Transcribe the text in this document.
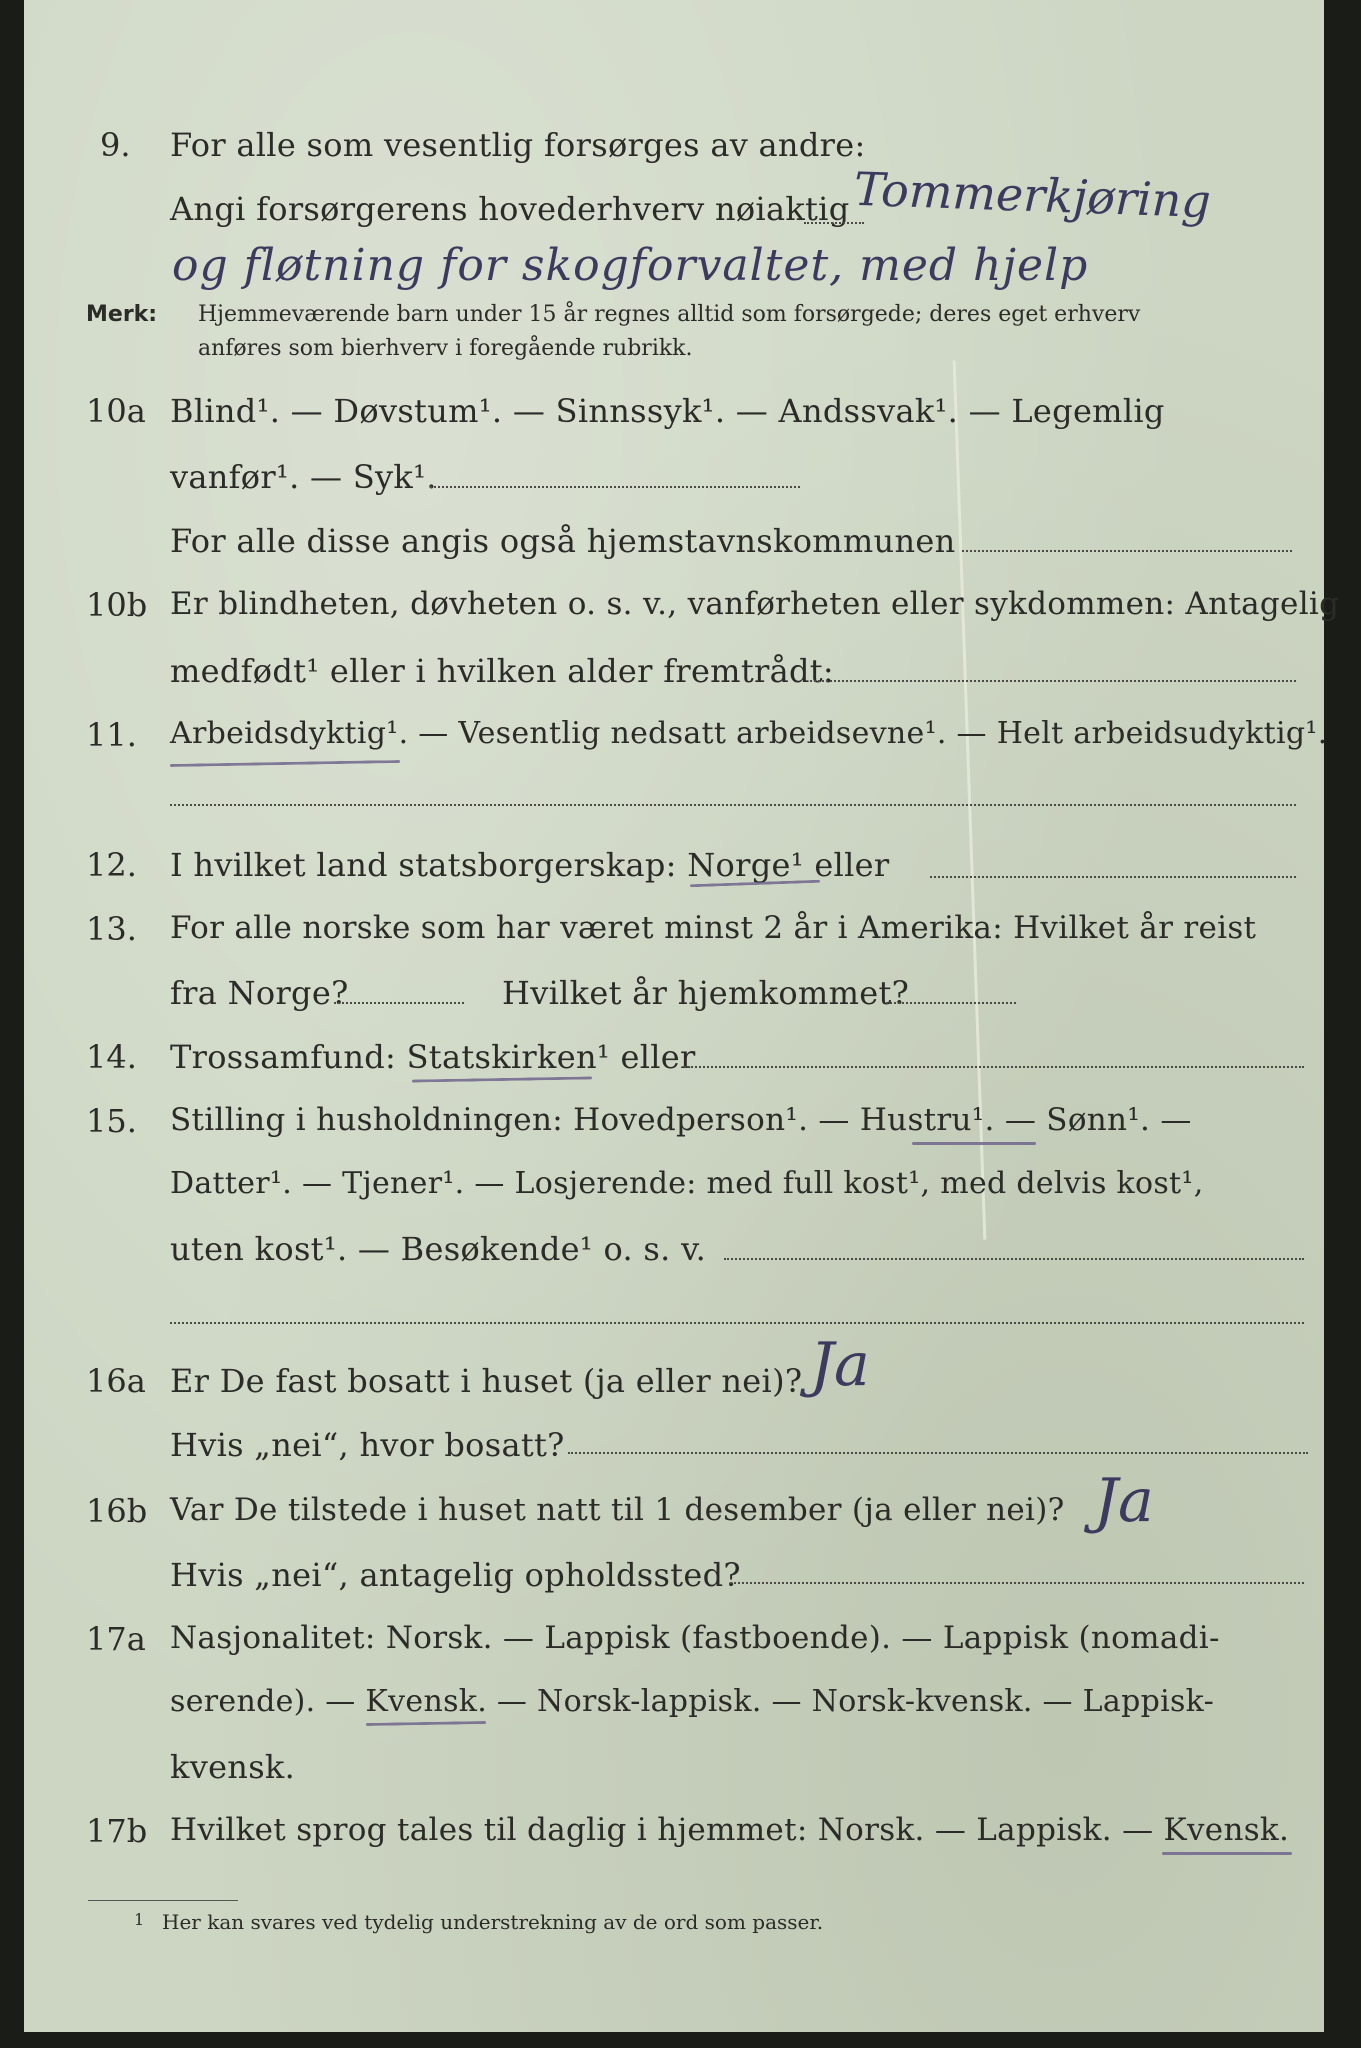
9. For alle som vesentlig forsørges av andre:
Angi forsørgerens hovederhverv nøiaktig Tommerkjøring
og fløtning for skogforvaltet, med hjelp
Merk: Hjemmeværende barn under 15 år regnes alltid som forsørgede; deres eget erhverv
anføres som bierhverv i foregående rubrikk.
10a Blind¹. — Døvstum¹. — Sinnssyk¹. — Andssvak¹. — Legemlig
vanfør¹. — Syk¹.
For alle disse angis også hjemstavnskommunen
10b Er blindheten, døvheten o. s. v., vanførheten eller sykdommen: Antagelig
medfødt¹ eller i hvilken alder fremtrådt:
11. Arbeidsdyktig¹. — Vesentlig nedsatt arbeidsevne¹. — Helt arbeidsudyktig¹.
12. I hvilket land statsborgerskap: Norge¹ eller
13. For alle norske som har været minst 2 år i Amerika: Hvilket år reist
fra Norge?	Hvilket år hjemkommet?
14. Trossamfund: Statskirken¹ eller
15. Stilling i husholdningen: Hovedperson¹. — Hustru¹. — Sønn¹. —
Datter¹. — Tjener¹. — Losjerende: med full kost¹, med delvis kost¹,
uten kost¹. — Besøkende¹ o. s. v.
16a Er De fast bosatt i huset (ja eller nei)? Ja
Hvis „nei“, hvor bosatt?
16b Var De tilstede i huset natt til 1 desember (ja eller nei)? Ja
Hvis „nei“, antagelig opholdssted?
17a Nasjonalitet: Norsk. — Lappisk (fastboende). — Lappisk (nomadi-
serende). — Kvensk. — Norsk-lappisk. — Norsk-kvensk. — Lappisk-
kvensk.
17b Hvilket sprog tales til daglig i hjemmet: Norsk. — Lappisk. — Kvensk.
1 Her kan svares ved tydelig understrekning av de ord som passer.
